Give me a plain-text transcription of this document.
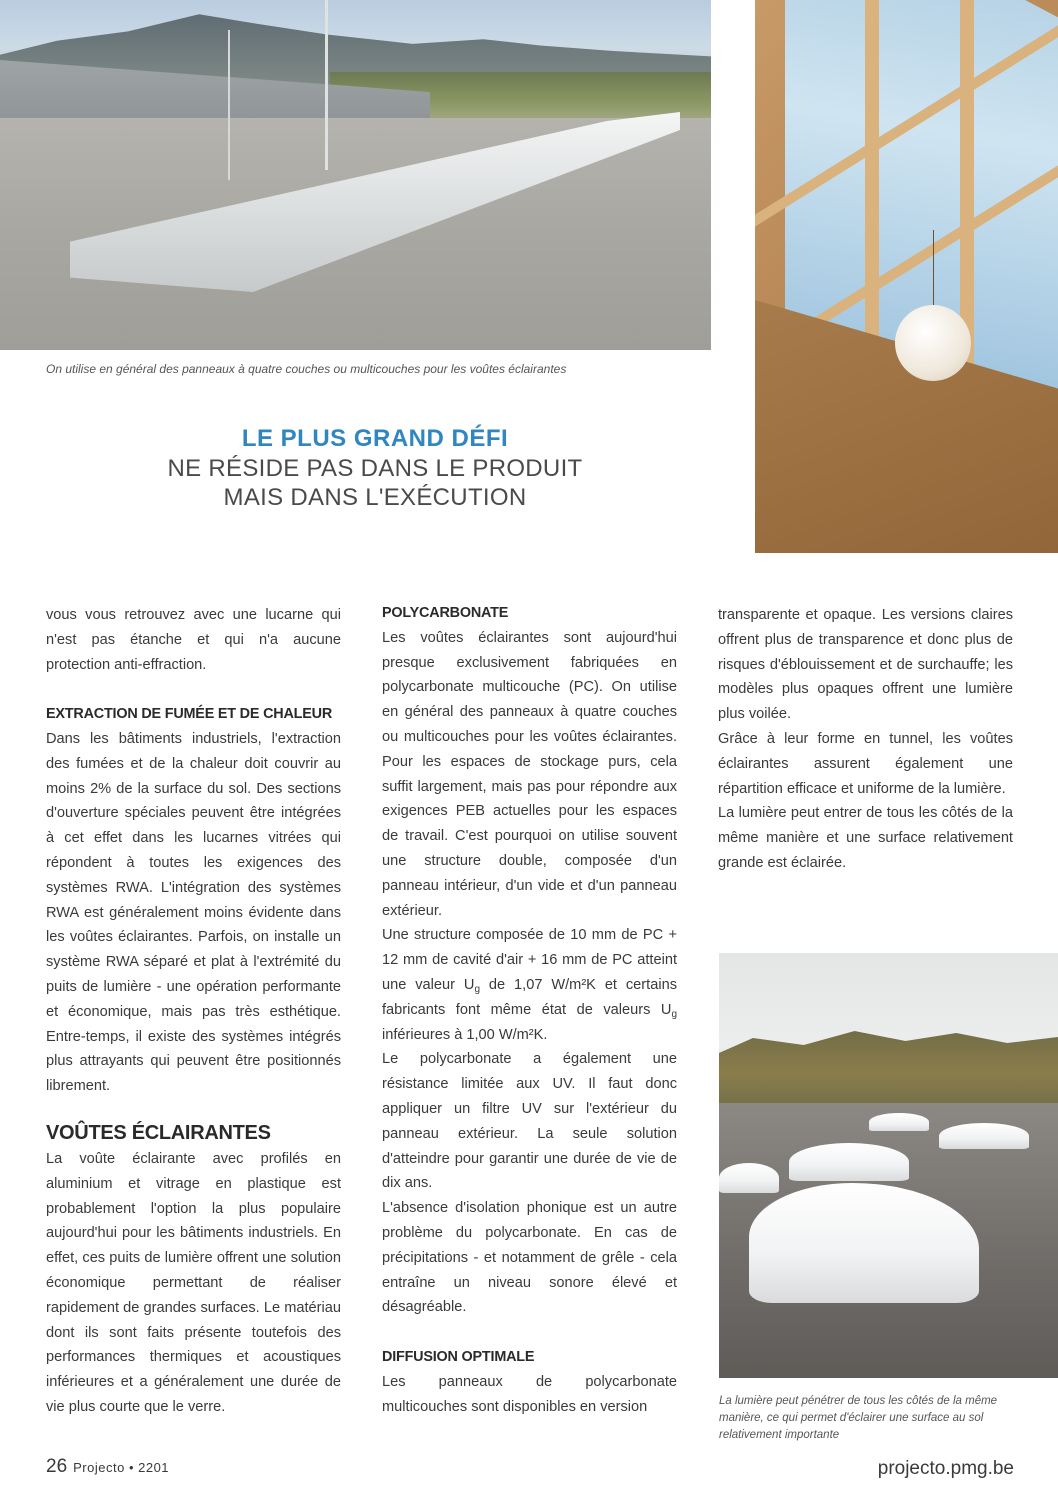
On utilise en général des panneaux à quatre couches ou multicouches pour les voûtes éclairantes
La lumière peut pénétrer de tous les côtés de la même manière, ce qui permet d'éclairer une surface au sol relativement importante
LE PLUS GRAND DÉFI
NE RÉSIDE PAS DANS LE PRODUIT
MAIS DANS L'EXÉCUTION

vous vous retrouvez avec une lucarne qui n'est pas étanche et qui n'a aucune protection anti-effraction.

EXTRACTION DE FUMÉE ET DE CHALEUR

Dans les bâtiments industriels, l'extraction des fumées et de la chaleur doit couvrir au moins 2% de la surface du sol. Des sections d'ouverture spéciales peuvent être intégrées à cet effet dans les lucarnes vitrées qui répondent à toutes les exigences des systèmes RWA. L'intégration des systèmes RWA est généralement moins évidente dans les voûtes éclairantes. Parfois, on installe un système RWA séparé et plat à l'extrémité du puits de lumière - une opération performante et économique, mais pas très esthétique. Entre-temps, il existe des systèmes intégrés plus attrayants qui peuvent être positionnés librement.

VOÛTES ÉCLAIRANTES

La voûte éclairante avec profilés en aluminium et vitrage en plastique est probablement l'option la plus populaire aujourd'hui pour les bâtiments industriels. En effet, ces puits de lumière offrent une solution économique permettant de réaliser rapidement de grandes surfaces. Le matériau dont ils sont faits présente toutefois des performances thermiques et acoustiques inférieures et a généralement une durée de vie plus courte que le verre.

POLYCARBONATE

Les voûtes éclairantes sont aujourd'hui presque exclusivement fabriquées en polycarbonate multicouche (PC). On utilise en général des panneaux à quatre couches ou multicouches pour les voûtes éclairantes. Pour les espaces de stockage purs, cela suffit largement, mais pas pour répondre aux exigences PEB actuelles pour les espaces de travail. C'est pourquoi on utilise souvent une structure double, composée d'un panneau intérieur, d'un vide et d'un panneau extérieur.

Une structure composée de 10 mm de PC + 12 mm de cavité d'air + 16 mm de PC atteint une valeur $U_g$ de 1,07 W/m²K et certains fabricants font même état de valeurs $U_g$ inférieures à 1,00 W/m²K.

Le polycarbonate a également une résistance limitée aux UV. Il faut donc appliquer un filtre UV sur l'extérieur du panneau extérieur. La seule solution d'atteindre pour garantir une durée de vie de dix ans.

L'absence d'isolation phonique est un autre problème du polycarbonate. En cas de précipitations - et notamment de grêle - cela entraîne un niveau sonore élevé et désagréable.

DIFFUSION OPTIMALE

Les panneaux de polycarbonate multicouches sont disponibles en version

transparente et opaque. Les versions claires offrent plus de transparence et donc plus de risques d'éblouissement et de surchauffe; les modèles plus opaques offrent une lumière plus voilée.

Grâce à leur forme en tunnel, les voûtes éclairantes assurent également une répartition efficace et uniforme de la lumière.

La lumière peut entrer de tous les côtés de la même manière et une surface relativement grande est éclairée.

26 Projecto • 2201	projecto.pmg.be
